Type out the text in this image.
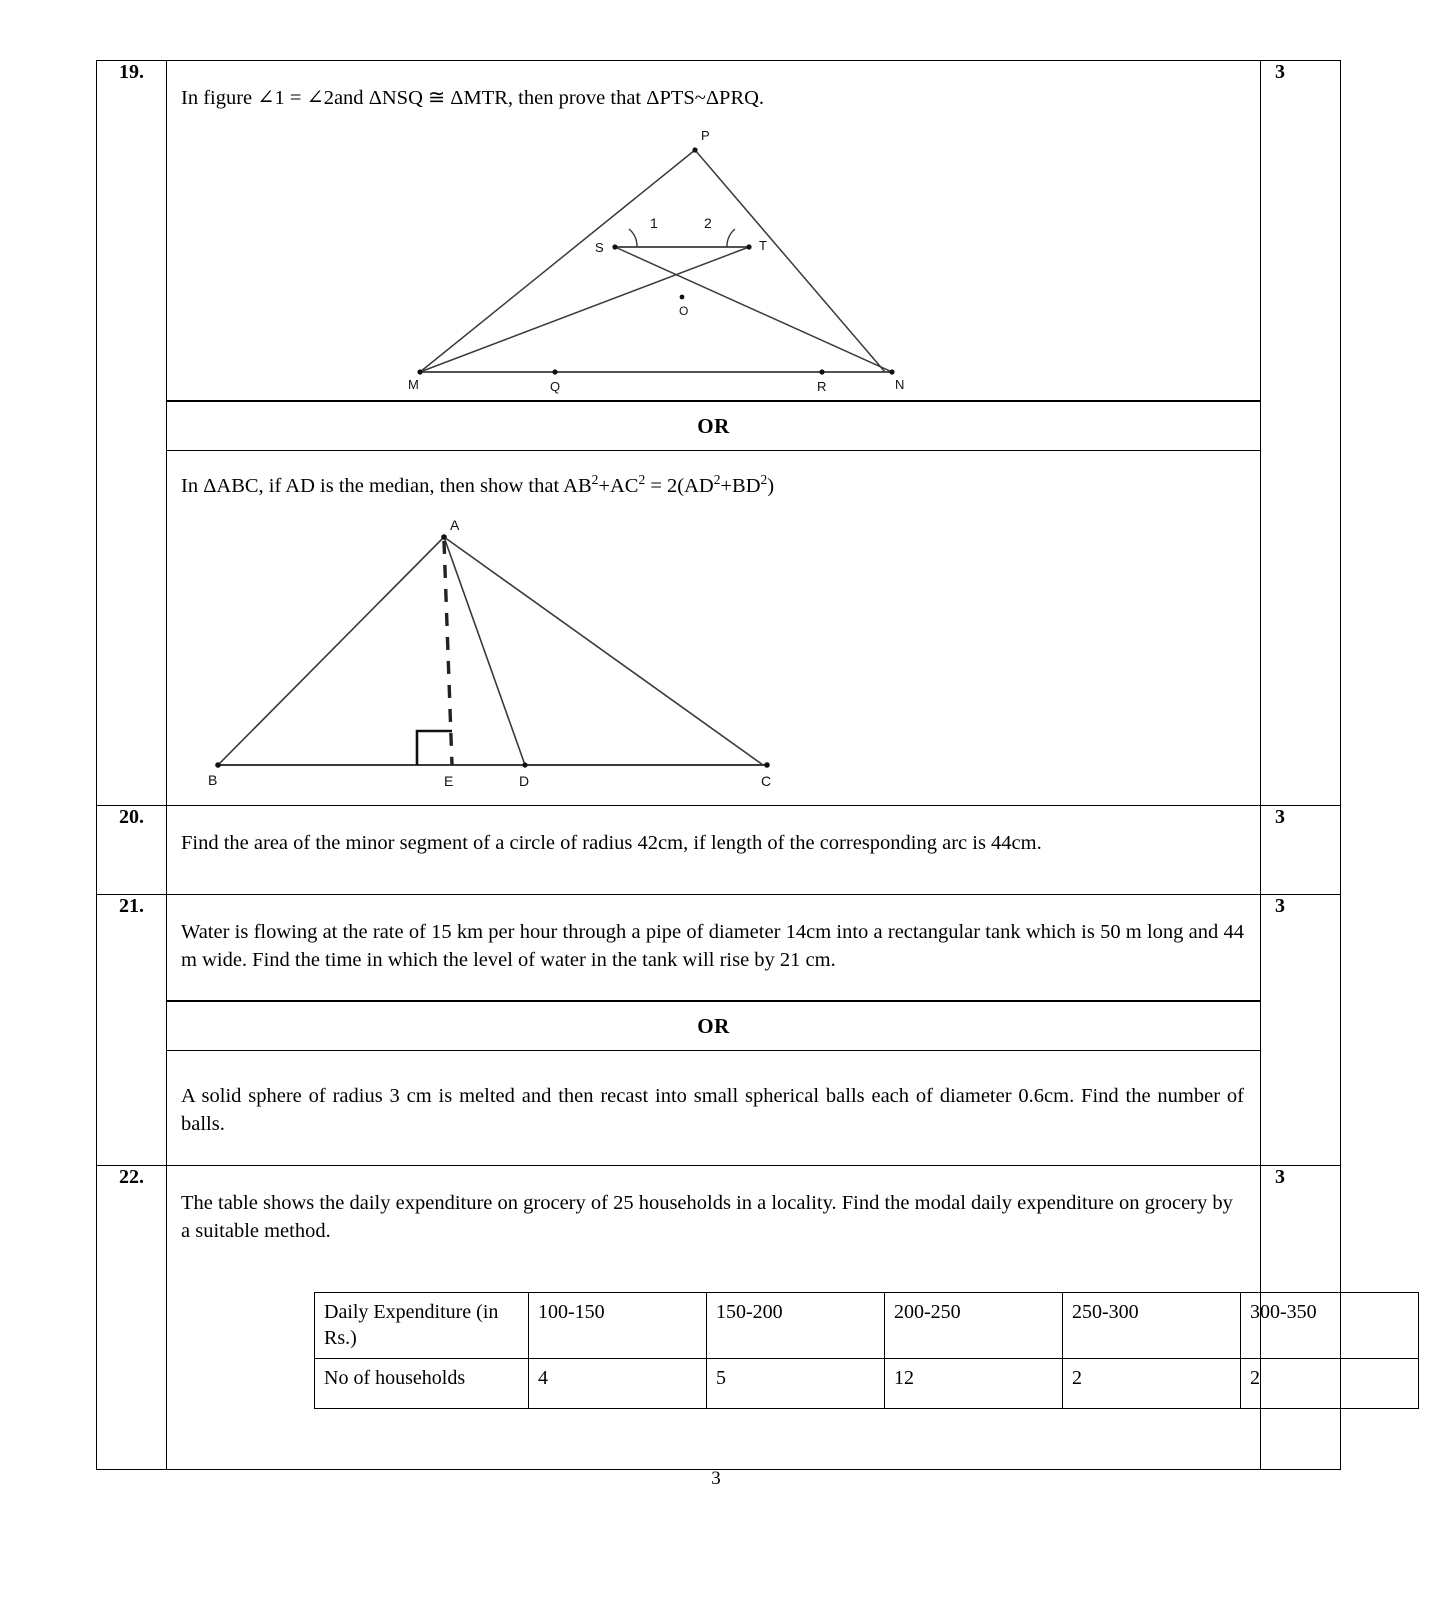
19.	
In figure ∠1 = ∠2and ΔNSQ ≅ ΔMTR, then prove that ΔPTS~ΔPRQ.
P
S	T
O
M	Q	R	N
1	2
OR

In ΔABC, if AD is the median, then show that $AB^2+AC^2 = 2(AD^2+BD^2)$
A
B	E	D	C
	3
20.	
Find the area of the minor segment of a circle of radius 42cm, if length of the corresponding arc is 44cm.
	3
21.	
Water is flowing at the rate of 15 km per hour through a pipe of diameter 14cm into a rectangular tank which is 50 m long and 44 m wide. Find the time in which the level of water in the tank will rise by 21 cm.
OR

A solid sphere of radius 3 cm is melted and then recast into small spherical balls each of diameter 0.6cm. Find the number of balls.
	3
22.	
The table shows the daily expenditure on grocery of 25 households in a locality. Find the modal daily expenditure on grocery by a suitable method.
Daily Expenditure (in Rs.)	100-150	150-200	200-250	250-300	300-350
No of households	4	5	12	2	2
	3
3
